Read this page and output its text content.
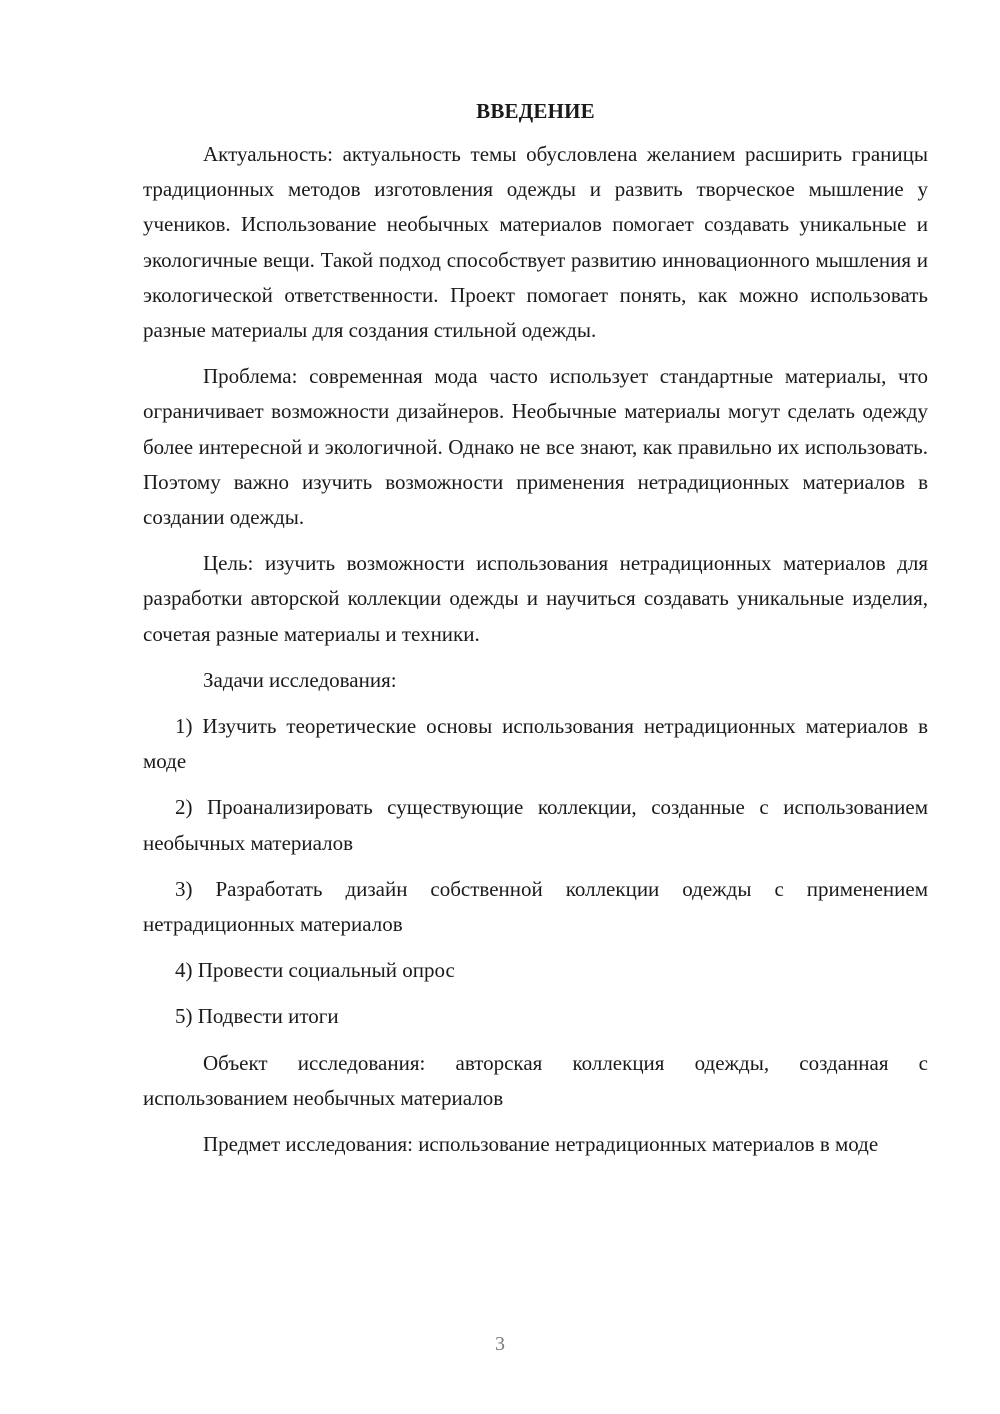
ВВЕДЕНИЕ

Актуальность: актуальность темы обусловлена желанием расширить границы традиционных методов изготовления одежды и развить творческое мышление у учеников. Использование необычных материалов помогает создавать уникальные и экологичные вещи. Такой подход способствует развитию инновационного мышления и экологической ответственности. Проект помогает понять, как можно использовать разные материалы для создания стильной одежды.

Проблема: современная мода часто использует стандартные материалы, что ограничивает возможности дизайнеров. Необычные материалы могут сделать одежду более интересной и экологичной. Однако не все знают, как правильно их использовать. Поэтому важно изучить возможности применения нетрадиционных материалов в создании одежды.

Цель: изучить возможности использования нетрадиционных материалов для разработки авторской коллекции одежды и научиться создавать уникальные изделия, сочетая разные материалы и техники.

Задачи исследования:

1) Изучить теоретические основы использования нетрадиционных материалов в моде

2) Проанализировать существующие коллекции, созданные с использованием необычных материалов

3) Разработать дизайн собственной коллекции одежды с применением нетрадиционных материалов

4) Провести социальный опрос

5) Подвести итоги

Объект исследования: авторская коллекция одежды, созданная с использованием необычных материалов

Предмет исследования: использование нетрадиционных материалов в моде

3
